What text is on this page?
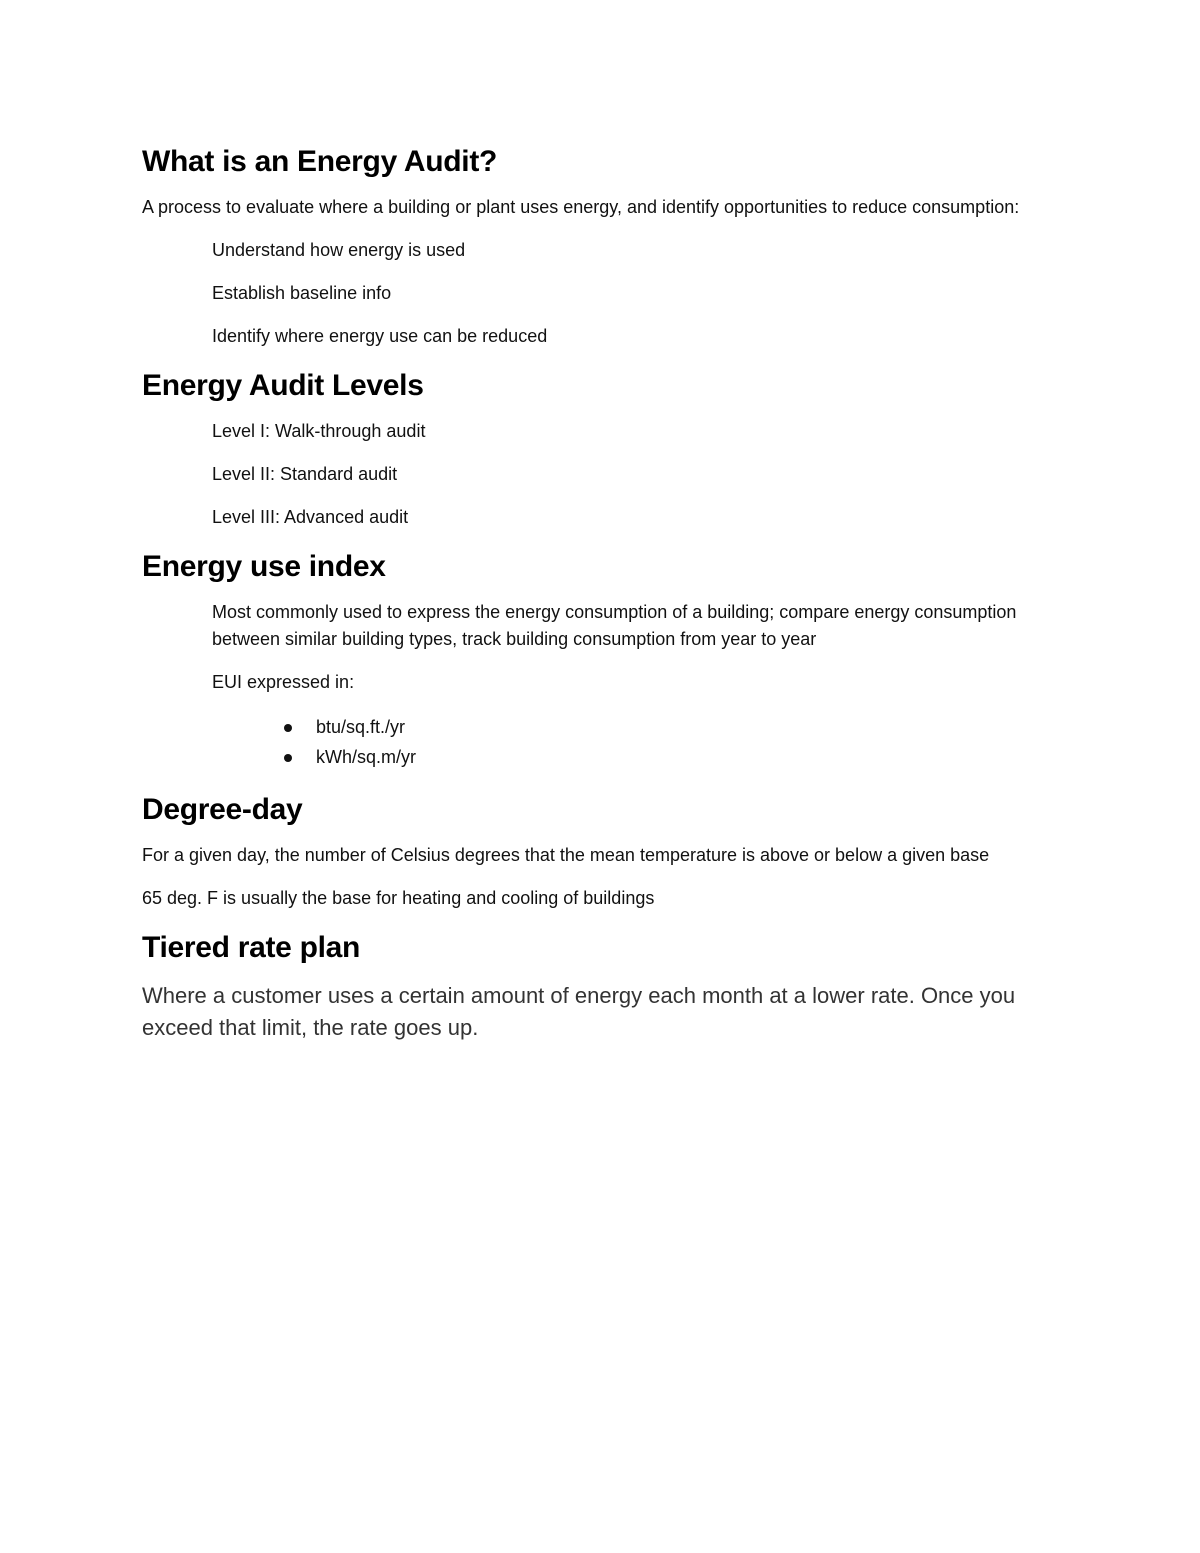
What is an Energy Audit?

A process to evaluate where a building or plant uses energy, and identify opportunities to reduce consumption:

Understand how energy is used

Establish baseline info

Identify where energy use can be reduced

Energy Audit Levels

Level I: Walk-through audit

Level II: Standard audit

Level III: Advanced audit

Energy use index

Most commonly used to express the energy consumption of a building; compare energy consumption between similar building types, track building consumption from year to year

EUI expressed in:

btu/sq.ft./yr
kWh/sq.m/yr
Degree-day

For a given day, the number of Celsius degrees that the mean temperature is above or below a given base

65 deg. F is usually the base for heating and cooling of buildings

Tiered rate plan

Where a customer uses a certain amount of energy each month at a lower rate. Once you exceed that limit, the rate goes up.
